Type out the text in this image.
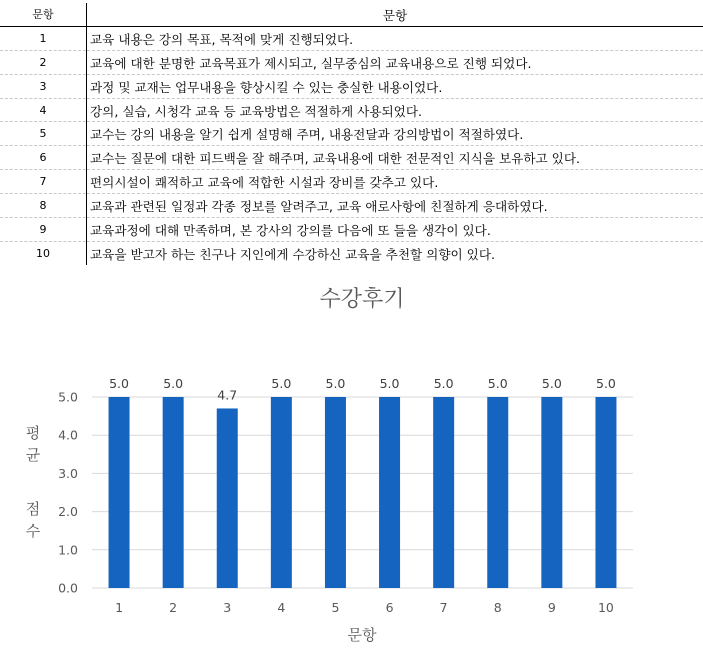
문항	문항
1	교육 내용은 강의 목표, 목적에 맞게 진행되었다.
2	교육에 대한 분명한 교육목표가 제시되고, 실무중심의 교육내용으로 진행 되었다.
3	과정 및 교재는 업무내용을 향상시킬 수 있는 충실한 내용이었다.
4	강의, 실습, 시청각 교육 등 교육방법은 적절하게 사용되었다.
5	교수는 강의 내용을 알기 쉽게 설명해 주며, 내용전달과 강의방법이 적절하였다.
6	교수는 질문에 대한 피드백을 잘 해주며, 교육내용에 대한 전문적인 지식을 보유하고 있다.
7	편의시설이 쾌적하고 교육에 적합한 시설과 장비를 갖추고 있다.
8	교육과 관련된 일정과 각종 정보를 알려주고, 교육 애로사항에 친절하게 응대하였다.
9	교육과정에 대해 만족하며, 본 강사의 강의를 다음에 또 들을 생각이 있다.
10	교육을 받고자 하는 친구나 지인에게 수강하신 교육을 추천할 의향이 있다.
수강후기
0.0
1.0
2.0
3.0
4.0
5.0
5.0	5.0
4.7
5.0	5.0	5.0	5.0	5.0	5.0	5.0
1	2	3	4	5	6	7	8	9	10
평 균 점 수
문항
